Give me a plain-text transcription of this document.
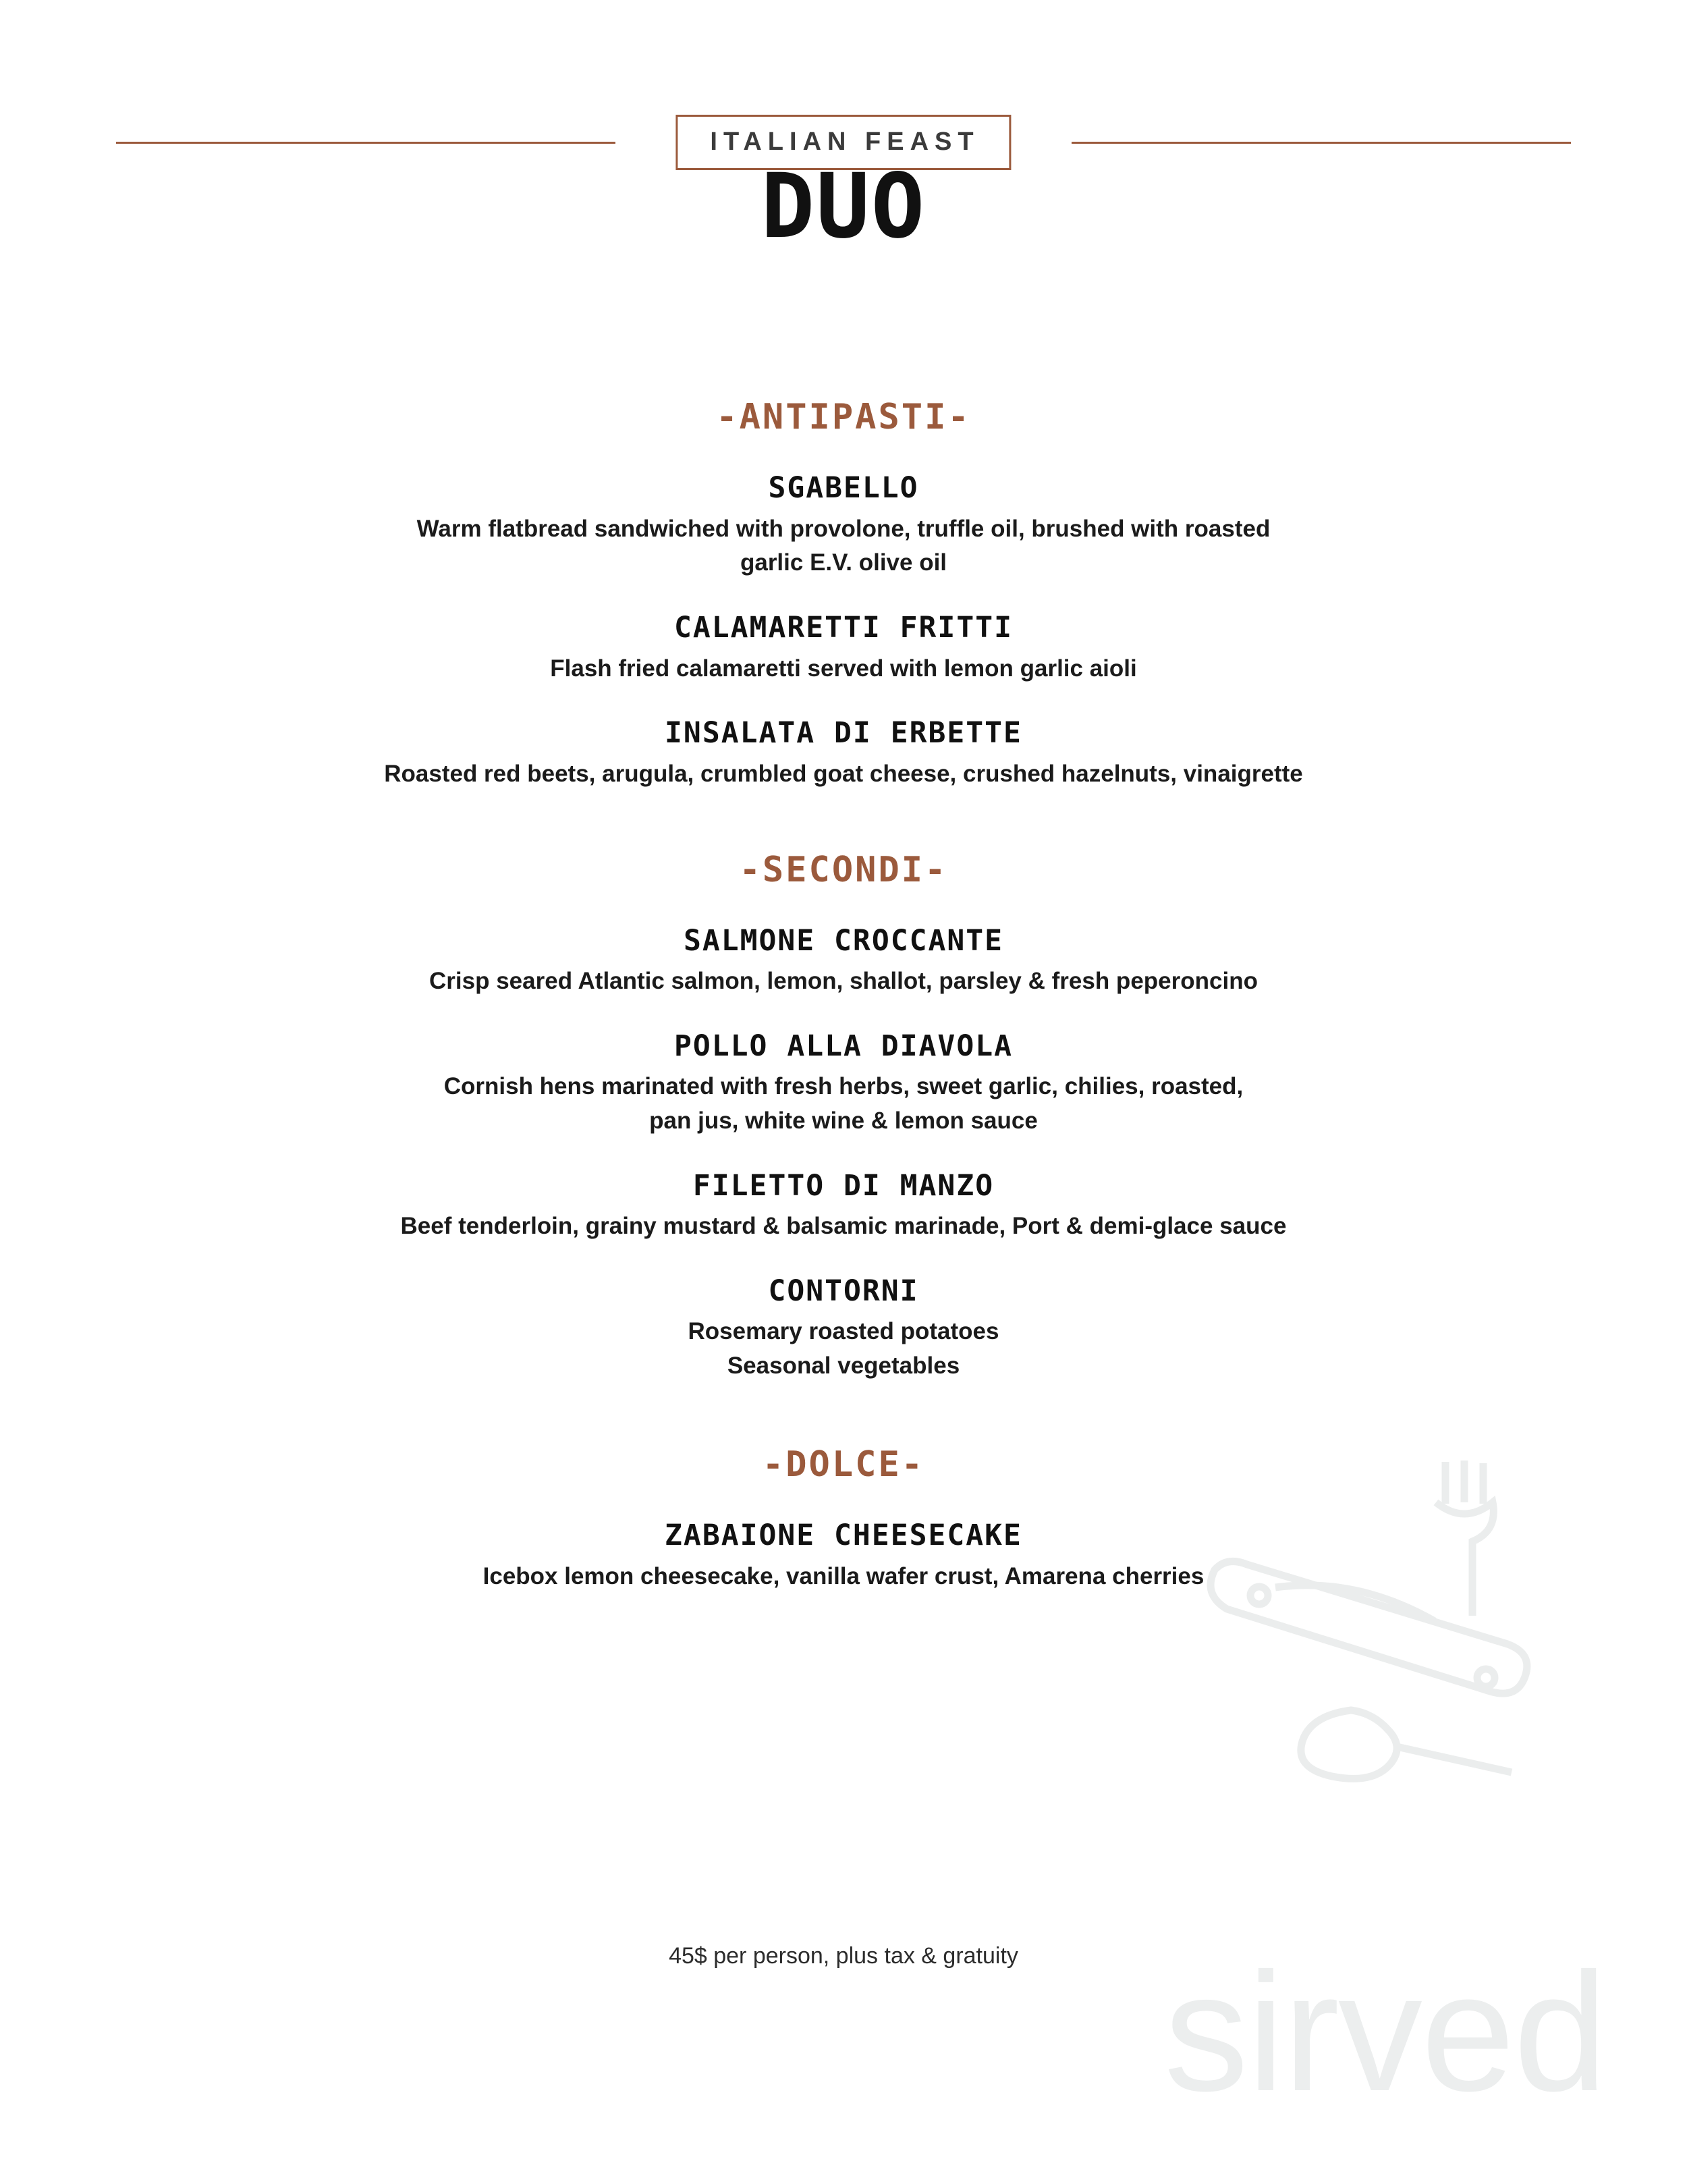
ITALIAN FEAST
DUO
-ANTIPASTI-
SGABELLO
Warm flatbread sandwiched with provolone, truffle oil, brushed with roasted
garlic E.V. olive oil
CALAMARETTI FRITTI
Flash fried calamaretti served with lemon garlic aioli
INSALATA DI ERBETTE
Roasted red beets, arugula, crumbled goat cheese, crushed hazelnuts, vinaigrette
-SECONDI-
SALMONE CROCCANTE
Crisp seared Atlantic salmon, lemon, shallot, parsley & fresh peperoncino
POLLO ALLA DIAVOLA
Cornish hens marinated with fresh herbs, sweet garlic, chilies, roasted,
pan jus, white wine & lemon sauce
FILETTO DI MANZO
Beef tenderloin, grainy mustard & balsamic marinade, Port & demi-glace sauce
CONTORNI
Rosemary roasted potatoes
Seasonal vegetables
-DOLCE-
ZABAIONE CHEESECAKE
Icebox lemon cheesecake, vanilla wafer crust, Amarena cherries
sirved
45$ per person, plus tax & gratuity
